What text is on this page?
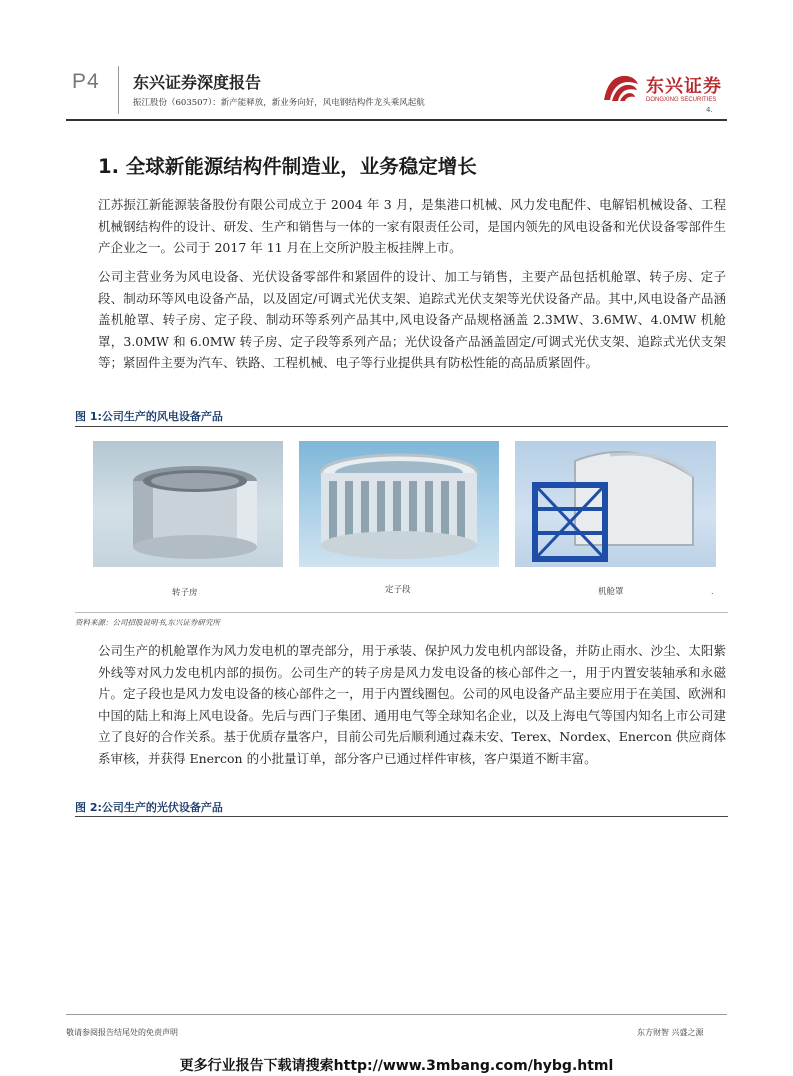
P4 东兴证券深度报告
振江股份（603507）：新产能释放，新业务向好，风电钢结构件龙头乘风起航
东兴证券
DONGXING SECURITIES
4.
1. 全球新能源结构件制造业，业务稳定增长
江苏振江新能源装备股份有限公司成立于 2004 年 3 月，是集港口机械、风力发电配件、电解铝机械设备、工程机械钢结构件的设计、研发、生产和销售与一体的一家有限责任公司，是国内领先的风电设备和光伏设备零部件生产企业之一。公司于 2017 年 11 月在上交所沪股主板挂牌上市。
公司主营业务为风电设备、光伏设备零部件和紧固件的设计、加工与销售，主要产品包括机舱罩、转子房、定子段、制动环等风电设备产品，以及固定/可调式光伏支架、追踪式光伏支架等光伏设备产品。其中,风电设备产品涵盖机舱罩、转子房、定子段、制动环等系列产品其中,风电设备产品规格涵盖 2.3MW、3.6MW、4.0MW 机舱罩，3.0MW 和 6.0MW 转子房、定子段等系列产品；光伏设备产品涵盖固定/可调式光伏支架、追踪式光伏支架等；紧固件主要为汽车、铁路、工程机械、电子等行业提供具有防松性能的高品质紧固件。
图 1:公司生产的风电设备产品
转子房	定子段	机舱罩	.
资料来源：公司招股说明书,东兴证券研究所
公司生产的机舱罩作为风力发电机的罩壳部分，用于承装、保护风力发电机内部设备，并防止雨水、沙尘、太阳紫外线等对风力发电机内部的损伤。公司生产的转子房是风力发电设备的核心部件之一，用于内置安装轴承和永磁片。定子段也是风力发电设备的核心部件之一，用于内置线圈包。公司的风电设备产品主要应用于在美国、欧洲和中国的陆上和海上风电设备。先后与西门子集团、通用电气等全球知名企业，以及上海电气等国内知名上市公司建立了良好的合作关系。基于优质存量客户，目前公司先后顺利通过森未安、Terex、Nordex、Enercon 供应商体系审核，并获得 Enercon 的小批量订单，部分客户已通过样件审核，客户渠道不断丰富。
图 2:公司生产的光伏设备产品
敬请参阅报告结尾处的免责声明	东方财智 兴盛之源
更多行业报告下载请搜索http://www.3mbang.com/hybg.html
